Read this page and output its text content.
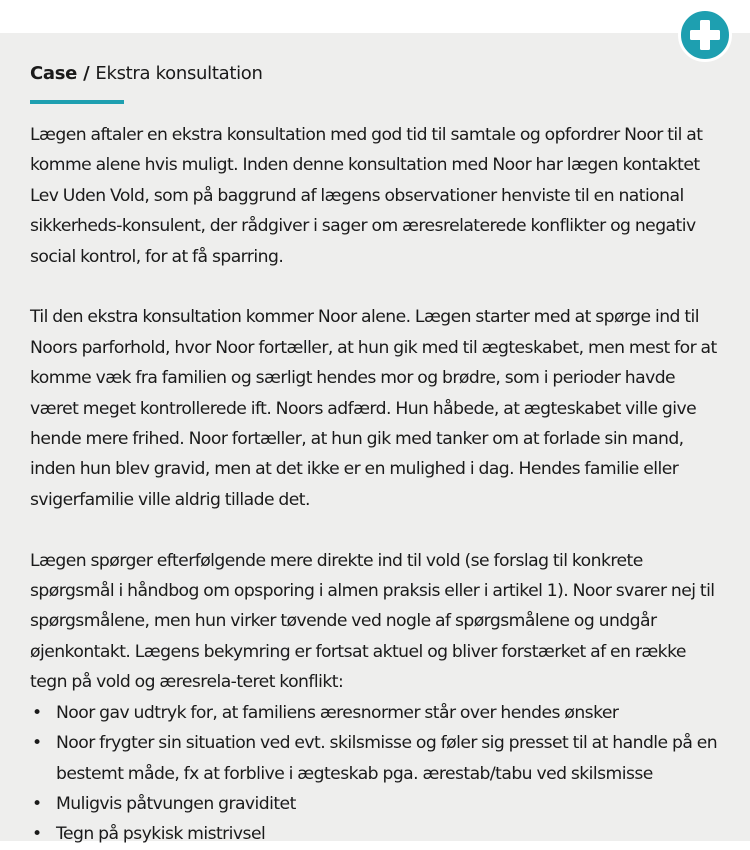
Case / Ekstra konsultation

Lægen aftaler en ekstra konsultation med god tid til samtale og opfordrer Noor til at komme alene hvis muligt. Inden denne konsultation med Noor har lægen kontaktet Lev Uden Vold, som på baggrund af lægens observationer henviste til en national sikkerheds-konsulent, der rådgiver i sager om æresrelaterede konflikter og negativ social kontrol, for at få sparring.

Til den ekstra konsultation kommer Noor alene. Lægen starter med at spørge ind til Noors parforhold, hvor Noor fortæller, at hun gik med til ægteskabet, men mest for at komme væk fra familien og særligt hendes mor og brødre, som i perioder havde været meget kontrollerede ift. Noors adfærd. Hun håbede, at ægteskabet ville give hende mere frihed. Noor fortæller, at hun gik med tanker om at forlade sin mand, inden hun blev gravid, men at det ikke er en mulighed i dag. Hendes familie eller svigerfamilie ville aldrig tillade det.

Lægen spørger efterfølgende mere direkte ind til vold (se forslag til konkrete spørgsmål i håndbog om opsporing i almen praksis eller i artikel 1). Noor svarer nej til spørgsmålene, men hun virker tøvende ved nogle af spørgsmålene og undgår øjenkontakt. Lægens bekymring er fortsat aktuel og bliver forstærket af en række tegn på vold og æresrela-teret konflikt:

• Noor gav udtryk for, at familiens æresnormer står over hendes ønsker
• Noor frygter sin situation ved evt. skilsmisse og føler sig presset til at handle på en bestemt måde, fx at forblive i ægteskab pga. ærestab/tabu ved skilsmisse
• Muligvis påtvungen graviditet
• Tegn på psykisk mistrivsel
